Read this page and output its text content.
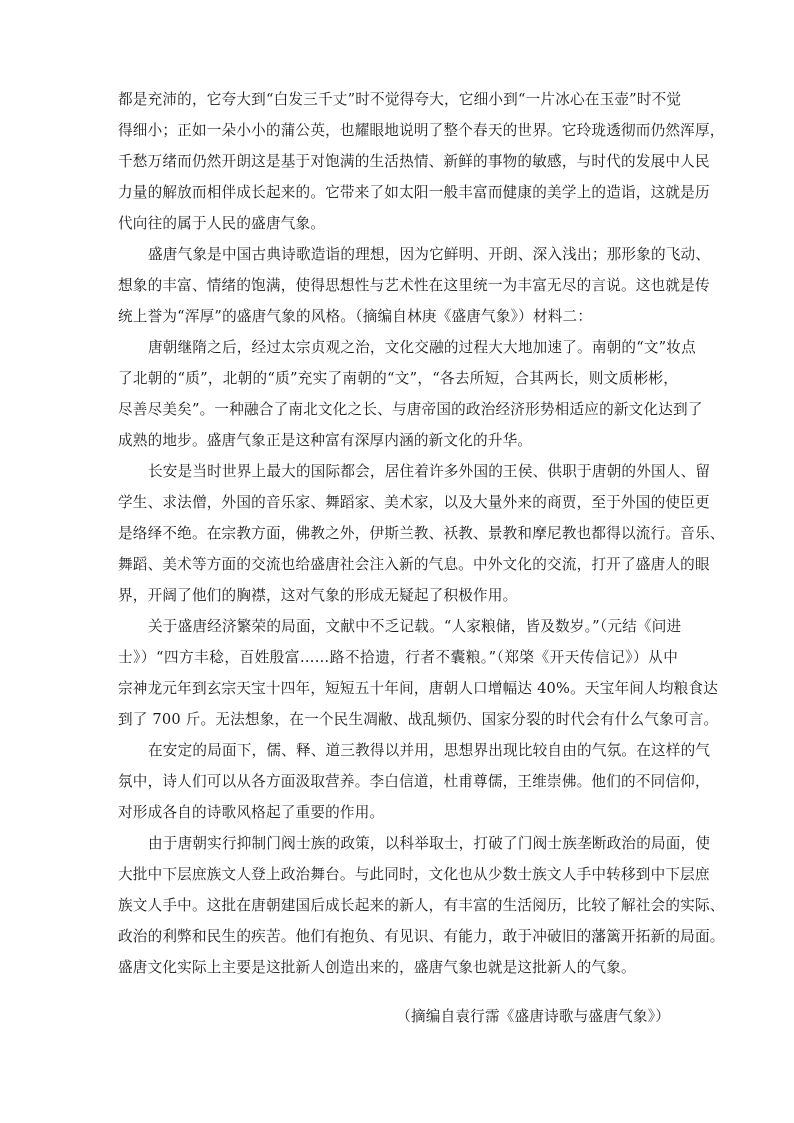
都是充沛的，它夸大到“白发三千丈”时不觉得夸大，它细小到“一片冰心在玉壶”时不觉
得细小；正如一朵小小的蒲公英，也耀眼地说明了整个春天的世界。它玲珑透彻而仍然浑厚，
千愁万绪而仍然开朗这是基于对饱满的生活热情、新鲜的事物的敏感，与时代的发展中人民
力量的解放而相伴成长起来的。它带来了如太阳一般丰富而健康的美学上的造诣，这就是历
代向往的属于人民的盛唐气象。
盛唐气象是中国古典诗歌造诣的理想，因为它鲜明、开朗、深入浅出；那形象的飞动、
想象的丰富、情绪的饱满，使得思想性与艺术性在这里统一为丰富无尽的言说。这也就是传
统上誉为“浑厚”的盛唐气象的风格。（摘编自林庚《盛唐气象》）材料二：
唐朝继隋之后，经过太宗贞观之治，文化交融的过程大大地加速了。南朝的“文”妆点
了北朝的“质”，北朝的“质”充实了南朝的“文”，“各去所短，合其两长，则文质彬彬，
尽善尽美矣”。一种融合了南北文化之长、与唐帝国的政治经济形势相适应的新文化达到了
成熟的地步。盛唐气象正是这种富有深厚内涵的新文化的升华。
长安是当时世界上最大的国际都会，居住着许多外国的王侯、供职于唐朝的外国人、留
学生、求法僧，外国的音乐家、舞蹈家、美术家，以及大量外来的商贾，至于外国的使臣更
是络绎不绝。在宗教方面，佛教之外，伊斯兰教、袄教、景教和摩尼教也都得以流行。音乐、
舞蹈、美术等方面的交流也给盛唐社会注入新的气息。中外文化的交流，打开了盛唐人的眼
界，开阔了他们的胸襟，这对气象的形成无疑起了积极作用。
关于盛唐经济繁荣的局面，文献中不乏记载。“人家粮储，皆及数岁。”（元结《问进
士》）“四方丰稔，百姓殷富……路不拾遗，行者不囊粮。”（郑棨《开天传信记》）从中
宗神龙元年到玄宗天宝十四年，短短五十年间，唐朝人口增幅达 40%。天宝年间人均粮食达
到了 700 斤。无法想象，在一个民生凋敝、战乱频仍、国家分裂的时代会有什么气象可言。
在安定的局面下，儒、释、道三教得以并用，思想界出现比较自由的气氛。在这样的气
氛中，诗人们可以从各方面汲取营养。李白信道，杜甫尊儒，王维崇佛。他们的不同信仰，
对形成各自的诗歌风格起了重要的作用。
由于唐朝实行抑制门阀士族的政策，以科举取士，打破了门阀士族垄断政治的局面，使
大批中下层庶族文人登上政治舞台。与此同时，文化也从少数士族文人手中转移到中下层庶
族文人手中。这批在唐朝建国后成长起来的新人，有丰富的生活阅历，比较了解社会的实际、
政治的利弊和民生的疾苦。他们有抱负、有见识、有能力，敢于冲破旧的藩篱开拓新的局面。
盛唐文化实际上主要是这批新人创造出来的，盛唐气象也就是这批新人的气象。
（摘编自袁行霈《盛唐诗歌与盛唐气象》）
